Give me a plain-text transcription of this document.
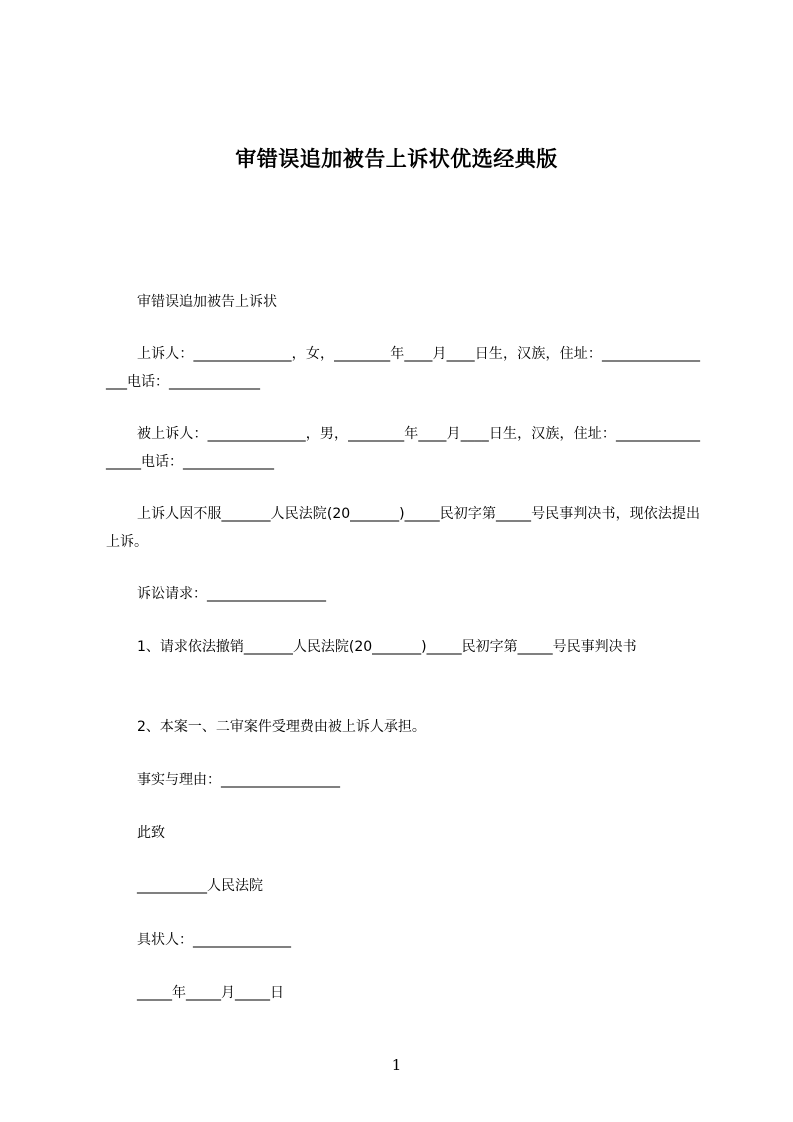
审错误追加被告上诉状优选经典版
审错误追加被告上诉状
上诉人：______________，女，________年____月____日生，汉族，住址：_________________电话：_____________
被上诉人：______________，男，________年____月____日生，汉族，住址：_________________电话：_____________
上诉人因不服_______人民法院(20_______)_____民初字第_____号民事判决书，现依法提出上诉。
诉讼请求：_________________
1、请求依法撤销_______人民法院(20_______)_____民初字第_____号民事判决书
2、本案一、二审案件受理费由被上诉人承担。
事实与理由：_________________
此致
__________人民法院
具状人：______________
_____年_____月_____日
1
